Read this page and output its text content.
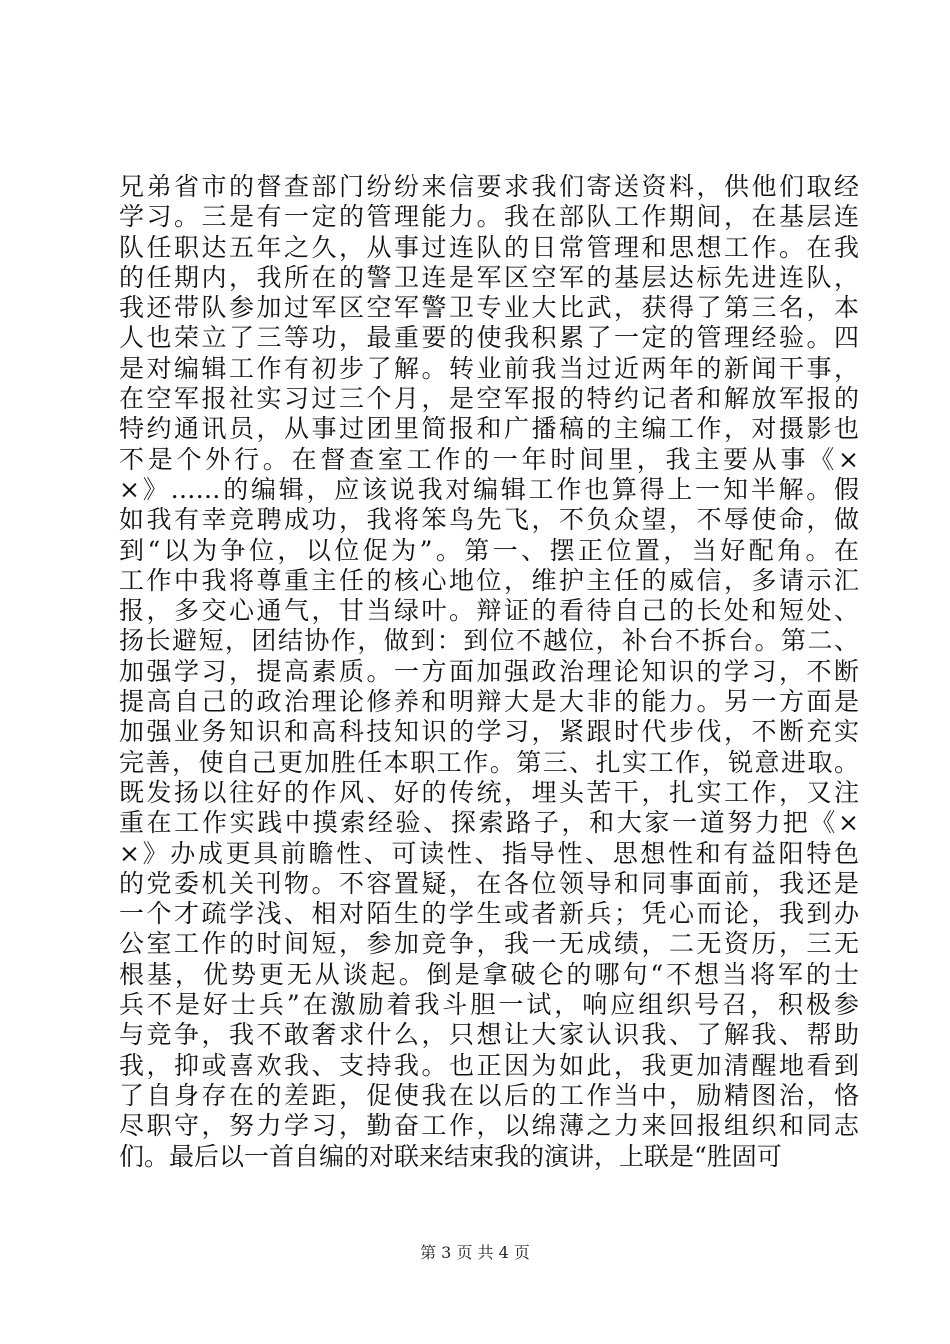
兄弟省市的督查部门纷纷来信要求我们寄送资料，供他们取经
学习。三是有一定的管理能力。我在部队工作期间，在基层连
队任职达五年之久，从事过连队的日常管理和思想工作。在我
的任期内，我所在的警卫连是军区空军的基层达标先进连队，
我还带队参加过军区空军警卫专业大比武，获得了第三名，本
人也荣立了三等功，最重要的使我积累了一定的管理经验。四
是对编辑工作有初步了解。转业前我当过近两年的新闻干事，
在空军报社实习过三个月，是空军报的特约记者和解放军报的
特约通讯员，从事过团里简报和广播稿的主编工作，对摄影也
不是个外行。在督查室工作的一年时间里，我主要从事《×
×》……的编辑，应该说我对编辑工作也算得上一知半解。假
如我有幸竞聘成功，我将笨鸟先飞，不负众望，不辱使命，做
到“以为争位，以位促为”。第一、摆正位置，当好配角。在
工作中我将尊重主任的核心地位，维护主任的威信，多请示汇
报，多交心通气，甘当绿叶。辩证的看待自己的长处和短处、
扬长避短，团结协作，做到：到位不越位，补台不拆台。第二、
加强学习，提高素质。一方面加强政治理论知识的学习，不断
提高自己的政治理论修养和明辩大是大非的能力。另一方面是
加强业务知识和高科技知识的学习，紧跟时代步伐，不断充实
完善，使自己更加胜任本职工作。第三、扎实工作，锐意进取。
既发扬以往好的作风、好的传统，埋头苦干，扎实工作，又注
重在工作实践中摸索经验、探索路子，和大家一道努力把《×
×》办成更具前瞻性、可读性、指导性、思想性和有益阳特色
的党委机关刊物。不容置疑，在各位领导和同事面前，我还是
一个才疏学浅、相对陌生的学生或者新兵；凭心而论，我到办
公室工作的时间短，参加竞争，我一无成绩，二无资历，三无
根基，优势更无从谈起。倒是拿破仑的哪句“不想当将军的士
兵不是好士兵”在激励着我斗胆一试，响应组织号召，积极参
与竞争，我不敢奢求什么，只想让大家认识我、了解我、帮助
我，抑或喜欢我、支持我。也正因为如此，我更加清醒地看到
了自身存在的差距，促使我在以后的工作当中，励精图治，恪
尽职守，努力学习，勤奋工作，以绵薄之力来回报组织和同志
们。最后以一首自编的对联来结束我的演讲，上联是“胜固可
第 3 页 共 4 页
